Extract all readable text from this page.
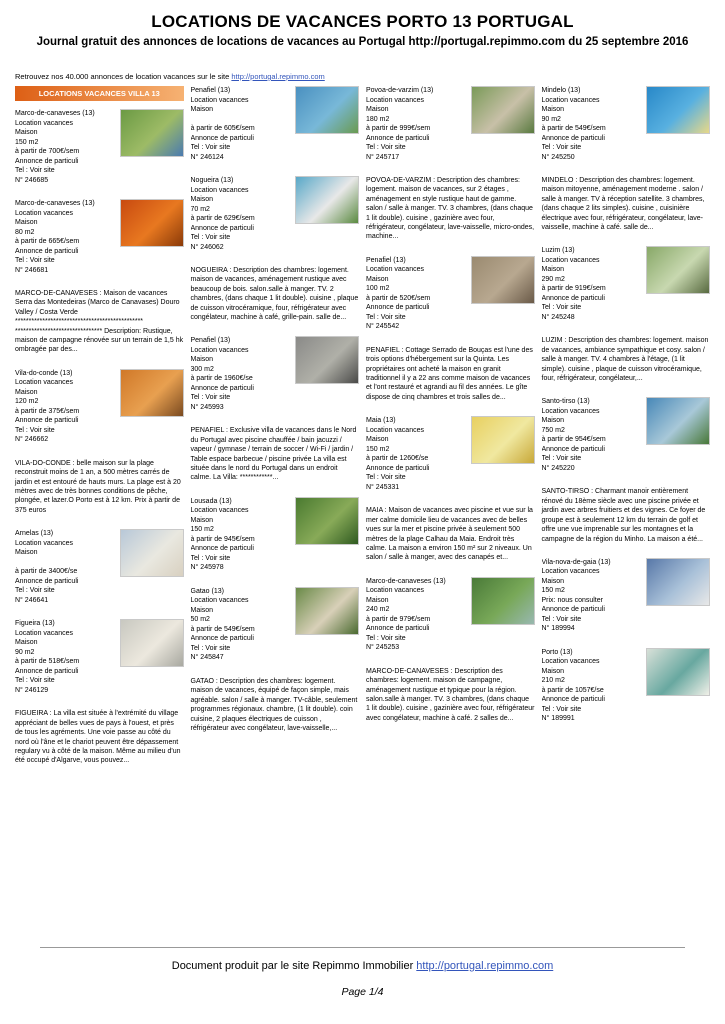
LOCATIONS DE VACANCES PORTO 13 PORTUGAL
Journal gratuit des annonces de locations de vacances au Portugal http://portugal.repimmo.com du 25 septembre 2016
Retrouvez nos 40.000 annonces de location vacances sur le site http://portugal.repimmo.com
LOCATIONS VACANCES VILLA 13
Marco-de-canaveses (13)
Location vacances
Maison
150 m2
à partir de 700€/sem
Annonce de particuli
Tel : Voir site
N° 246685
Marco-de-canaveses (13)
Location vacances
Maison
80 m2
à partir de 665€/sem
Annonce de particuli
Tel : Voir site
N° 246681
MARCO-DE-CANAVESES : Maison de vacances Serra das Montedeiras (Marco de Canavases) Douro Valley / Costa Verde *********************************************** ******************************** Description: Rustique, maison de campagne rénovée sur un terrain de 1,5 hk ombragée par des...
Vila-do-conde (13)
Location vacances
Maison
120 m2
à partir de 375€/sem
Annonce de particuli
Tel : Voir site
N° 246662
VILA-DO-CONDE : belle maison sur la plage reconstruit moins de 1 an, a 500 mètres carrés de jardin et est entouré de hauts murs. La plage est à 20 mètres avec de très bonnes conditions de pêche, plongée, et lazer.O Porto est à 12 km. Prix à partir de 375 euros
Arnelas (13)
Location vacances
Maison
à partir de 3400€/se
Annonce de particuli
Tel : Voir site
N° 246641
Figueira (13)
Location vacances
Maison
90 m2
à partir de 518€/sem
Annonce de particuli
Tel : Voir site
N° 246129
FIGUEIRA : La villa est située à l'extrémité du village appréciant de belles vues de pays à l'ouest, et près de tous les agréments. Une voie passe au côté du nord où l'âne et le chariot peuvent être dépassement regulary vu à côté de la maison. Même au milieu d'un été occupé d'Algarve, vous pouvez...
Penafiel (13)
Location vacances
Maison
à partir de 605€/sem
Annonce de particuli
Tel : Voir site
N° 246124
Nogueira (13)
Location vacances
Maison
70 m2
à partir de 629€/sem
Annonce de particuli
Tel : Voir site
N° 246062
NOGUEIRA : Description des chambres: logement. maison de vacances, aménagement rustique avec beaucoup de bois. salon.salle à manger. TV. 2 chambres, (dans chaque 1 lit double). cuisine , plaque de cuisson vitrocéramique, four, réfrigérateur avec congélateur, machine à café, grille-pain. salle de...
Penafiel (13)
Location vacances
Maison
300 m2
à partir de 1960€/se
Annonce de particuli
Tel : Voir site
N° 245993
PENAFIEL : Exclusive villa de vacances dans le Nord du Portugal avec piscine chauffée / bain jacuzzi / vapeur / gymnase / terrain de soccer / Wi-Fi / jardin / Table espace barbecue / piscine privée La villa est située dans le nord du Portugal dans un endroit calme. La Villa: ************...
Lousada (13)
Location vacances
Maison
150 m2
à partir de 945€/sem
Annonce de particuli
Tel : Voir site
N° 245978
Gatao (13)
Location vacances
Maison
50 m2
à partir de 549€/sem
Annonce de particuli
Tel : Voir site
N° 245847
GATAO : Description des chambres: logement. maison de vacances, équipé de façon simple, mais agréable. salon / salle à manger. TV-câble, seulement programmes régionaux. chambre, (1 lit double). coin cuisine, 2 plaques électriques de cuisson , réfrigérateur avec congélateur, lave-vaisselle,...
Povoa-de-varzim (13)
Location vacances
Maison
180 m2
à partir de 999€/sem
Annonce de particuli
Tel : Voir site
N° 245717
POVOA-DE-VARZIM : Description des chambres: logement. maison de vacances, sur 2 étages , aménagement en style rustique haut de gamme. salon / salle à manger. TV. 3 chambres, (dans chaque 1 lit double). cuisine , gazinière avec four, réfrigérateur, congélateur, lave-vaisselle, micro-ondes, machine...
Penafiel (13)
Location vacances
Maison
100 m2
à partir de 520€/sem
Annonce de particuli
Tel : Voir site
N° 245542
PENAFIEL : Cottage Serrado de Bouças est l'une des trois options d'hébergement sur la Quinta. Les propriétaires ont acheté la maison en granit traditionnel il y a 22 ans comme maison de vacances et l'ont restauré et agrandi au fil des années. Le gîte dispose de cinq chambres et trois salles de...
Maia (13)
Location vacances
Maison
150 m2
à partir de 1260€/se
Annonce de particuli
Tel : Voir site
N° 245331
MAIA : Maison de vacances avec piscine et vue sur la mer calme domicile lieu de vacances avec de belles vues sur la mer et piscine privée à seulement 500 mètres de la plage Calhau da Maia. Endroit très calme. La maison a environ 150 m² sur 2 niveaux. Un salon / salle à manger, avec des canapés et...
Marco-de-canaveses (13)
Location vacances
Maison
240 m2
à partir de 979€/sem
Annonce de particuli
Tel : Voir site
N° 245253
MARCO-DE-CANAVESES : Description des chambres: logement. maison de campagne, aménagement rustique et typique pour la région. salon.salle à manger. TV. 3 chambres, (dans chaque 1 lit double). cuisine , gazinière avec four, réfrigérateur avec congélateur, machine à café. 2 salles de...
Mindelo (13)
Location vacances
Maison
90 m2
à partir de 549€/sem
Annonce de particuli
Tel : Voir site
N° 245250
MINDELO : Description des chambres: logement. maison mitoyenne, aménagement moderne . salon / salle à manger. TV à réception satellite. 3 chambres, (dans chaque 2 lits simples). cuisine , cuisinière électrique avec four, réfrigérateur, congélateur, lave-vaisselle, machine à café. salle de...
Luzim (13)
Location vacances
Maison
290 m2
à partir de 919€/sem
Annonce de particuli
Tel : Voir site
N° 245248
LUZIM : Description des chambres: logement. maison de vacances, ambiance sympathique et cosy. salon / salle à manger. TV. 4 chambres à l'étage, (1 lit simple). cuisine , plaque de cuisson vitrocéramique, four, réfrigérateur, congélateur,...
Santo-tirso (13)
Location vacances
Maison
750 m2
à partir de 954€/sem
Annonce de particuli
Tel : Voir site
N° 245220
SANTO-TIRSO : Charmant manoir entièrement rénové du 18ème siècle avec une piscine privée et jardin avec arbres fruitiers et des vignes. Ce foyer de groupe est à seulement 12 km du terrain de golf et offre une vue imprenable sur les montagnes et la campagne de la région du Minho. La maison a été...
Vila-nova-de-gaia (13)
Location vacances
Maison
150 m2
Prix: nous consulter
Annonce de particuli
Tel : Voir site
N° 189994
Porto (13)
Location vacances
Maison
210 m2
à partir de 1057€/se
Annonce de particuli
Tel : Voir site
N° 189991
Document produit par le site Repimmo Immobilier http://portugal.repimmo.com
Page 1/4
